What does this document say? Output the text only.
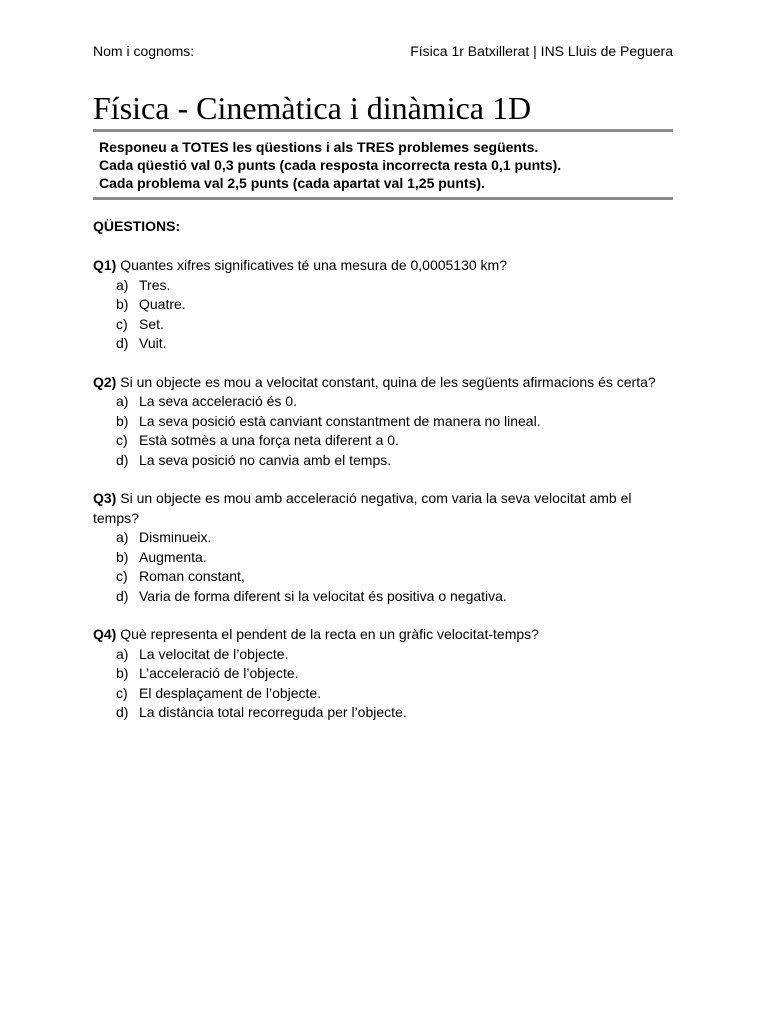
Nom i cognoms:	Física 1r Batxillerat | INS Lluis de Peguera
Física - Cinemàtica i dinàmica 1D
Responeu a TOTES les qüestions i als TRES problemes següents.
Cada qüestió val 0,3 punts (cada resposta incorrecta resta 0,1 punts).
Cada problema val 2,5 punts (cada apartat val 1,25 punts).
QÜESTIONS:

Q1) Quantes xifres significatives té una mesura de 0,0005130 km?

a) Tres.
b) Quatre.
c) Set.
d) Vuit.

Q2) Si un objecte es mou a velocitat constant, quina de les següents afirmacions és certa?

a) La seva acceleració és 0.
b) La seva posició està canviant constantment de manera no lineal.
c) Està sotmès a una força neta diferent a 0.
d) La seva posició no canvia amb el temps.

Q3) Si un objecte es mou amb acceleració negativa, com varia la seva velocitat amb el temps?

a) Disminueix.
b) Augmenta.
c) Roman constant,
d) Varia de forma diferent si la velocitat és positiva o negativa.

Q4) Què representa el pendent de la recta en un gràfic velocitat-temps?

a) La velocitat de l’objecte.
b) L’acceleració de l’objecte.
c) El desplaçament de l’objecte.
d) La distància total recorreguda per l’objecte.
